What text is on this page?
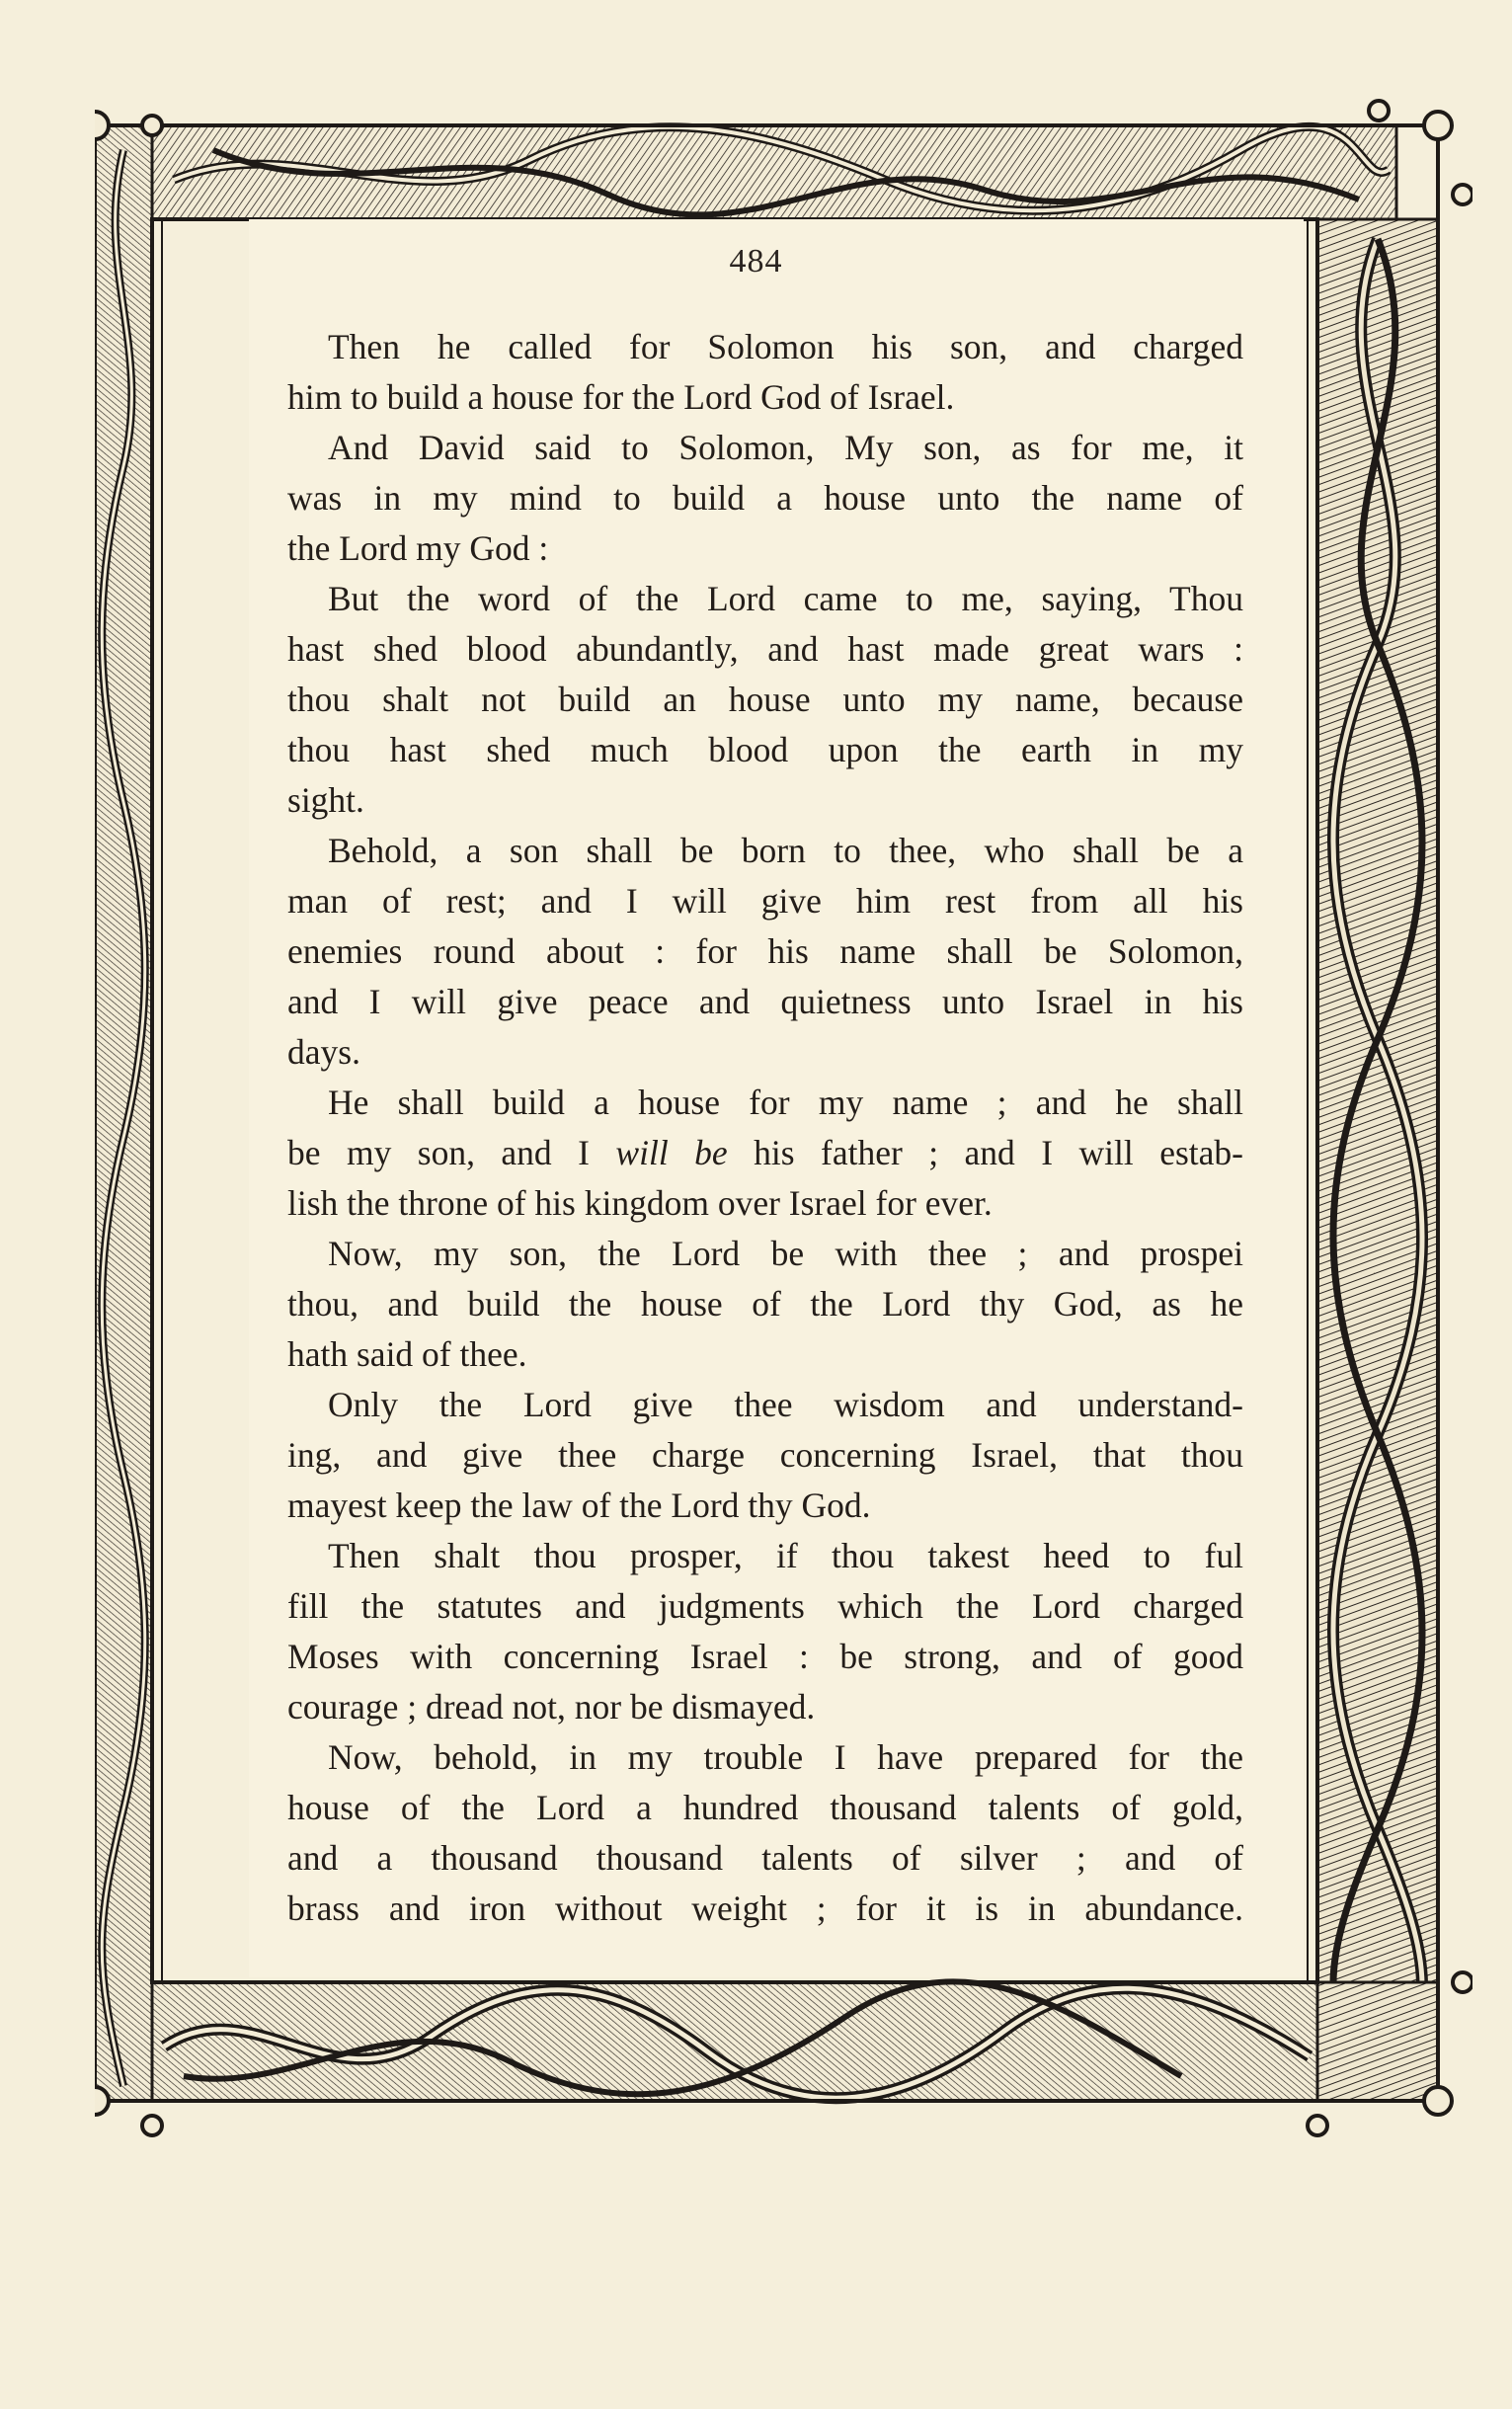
484

Then he called for Solomon his son, and charged
him to build a house for the Lord God of Israel.

And David said to Solomon, My son, as for me, it
was in my mind to build a house unto the name of
the Lord my God :

But the word of the Lord came to me, saying, Thou
hast shed blood abundantly, and hast made great wars :
thou shalt not build an house unto my name, because
thou hast shed much blood upon the earth in my
sight.

Behold, a son shall be born to thee, who shall be a
man of rest; and I will give him rest from all his
enemies round about : for his name shall be Solomon,
and I will give peace and quietness unto Israel in his
days.

He shall build a house for my name ; and he shall
be my son, and I will be his father ; and I will estab-
lish the throne of his kingdom over Israel for ever.

Now, my son, the Lord be with thee ; and prospei
thou, and build the house of the Lord thy God, as he
hath said of thee.

Only the Lord give thee wisdom and understand-
ing, and give thee charge concerning Israel, that thou
mayest keep the law of the Lord thy God.

Then shalt thou prosper, if thou takest heed to ful
fill the statutes and judgments which the Lord charged
Moses with concerning Israel : be strong, and of good
courage ; dread not, nor be dismayed.

Now, behold, in my trouble I have prepared for the
house of the Lord a hundred thousand talents of gold,
and a thousand thousand talents of silver ; and of
brass and iron without weight ; for it is in abundance.
